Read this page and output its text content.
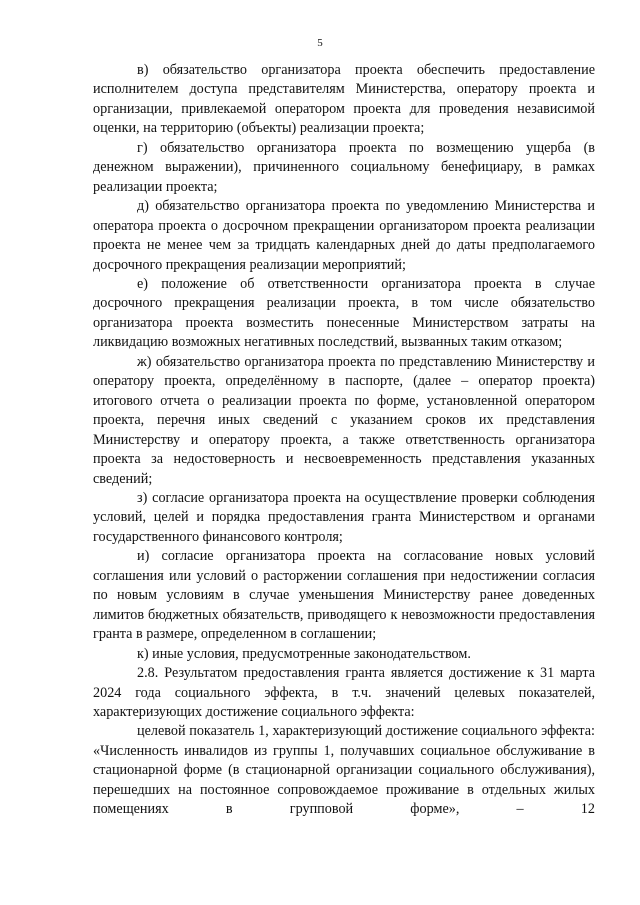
5

в) обязательство организатора проекта обеспечить предоставление исполнителем доступа представителям Министерства, оператору проекта и организации, привлекаемой оператором проекта для проведения независимой оценки, на территорию (объекты) реализации проекта;

г) обязательство организатора проекта по возмещению ущерба (в денежном выражении), причиненного социальному бенефициару, в рамках реализации проекта;

д) обязательство организатора проекта по уведомлению Министерства и оператора проекта о досрочном прекращении организатором проекта реализации проекта не менее чем за тридцать календарных дней до даты предполагаемого досрочного прекращения реализации мероприятий;

е) положение об ответственности организатора проекта в случае досрочного прекращения реализации проекта, в том числе обязательство организатора проекта возместить понесенные Министерством затраты на ликвидацию возможных негативных последствий, вызванных таким отказом;

ж) обязательство организатора проекта по представлению Министерству и оператору проекта, определённому в паспорте, (далее – оператор проекта) итогового отчета о реализации проекта по форме, установленной оператором проекта, перечня иных сведений с указанием сроков их представления Министерству и оператору проекта, а также ответственность организатора проекта за недостоверность и несвоевременность представления указанных сведений;

з) согласие организатора проекта на осуществление проверки соблюдения условий, целей и порядка предоставления гранта Министерством и органами государственного финансового контроля;

и) согласие организатора проекта на согласование новых условий соглашения или условий о расторжении соглашения при недостижении согласия по новым условиям в случае уменьшения Министерству ранее доведенных лимитов бюджетных обязательств, приводящего к невозможности предоставления гранта в размере, определенном в соглашении;

к) иные условия, предусмотренные законодательством.

2.8. Результатом предоставления гранта является достижение к 31 марта 2024 года социального эффекта, в т.ч. значений целевых показателей, характеризующих достижение социального эффекта:

целевой показатель 1, характеризующий достижение социального эффекта: «Численность инвалидов из группы 1, получавших социальное обслуживание в стационарной форме (в стационарной организации социального обслуживания), перешедших на постоянное сопровождаемое проживание в отдельных жилых помещениях в групповой форме», – 12
